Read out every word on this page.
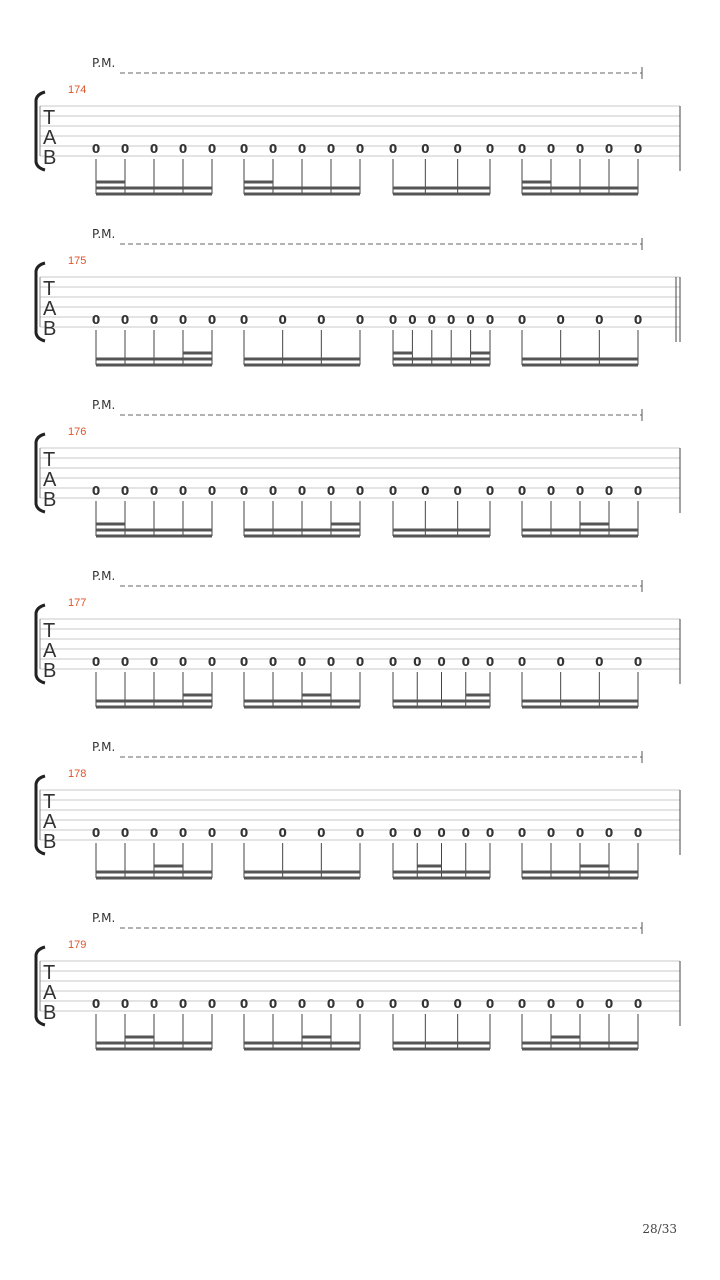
P.M.
174
T
A
B	0 0 0 0 0 0 0 0 0 0 0 0 0 0 0 0 0 0 0
P.M.
175
T
A
B	0 0 0 0 0 0	0	0	0 0 0 0 0 0 0 0	0	0	0
P.M.
176
T
A
B	0 0 0 0 0 0 0 0 0 0 0 0 0 0 0 0 0 0 0
P.M.
177
T
A
B	0 0 0 0 0 0 0 0 0 0 0 0 0 0 0 0	0	0	0
P.M.
178
T
A
B	0 0 0 0 0 0	0	0	0 0 0 0 0 0 0 0 0 0 0
P.M.
179
T
A
B	0 0 0 0 0 0 0 0 0 0 0 0 0 0 0 0 0 0 0
28/33
